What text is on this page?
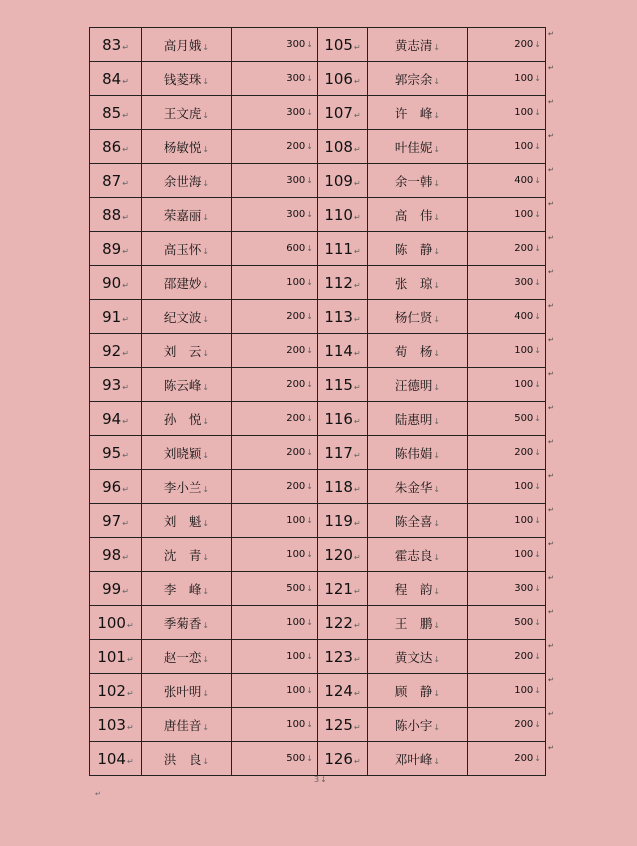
83↵	高月娥↓	300↓	105↵	黄志清↓	200↓
84↵	钱菱珠↓	300↓	106↵	郭宗余↓	100↓
85↵	王文虎↓	300↓	107↵	许　峰↓	100↓
86↵	杨敏悦↓	200↓	108↵	叶佳妮↓	100↓
87↵	余世海↓	300↓	109↵	余一韩↓	400↓
88↵	荣嘉丽↓	300↓	110↵	高　伟↓	100↓
89↵	高玉怀↓	600↓	111↵	陈　静↓	200↓
90↵	邵建妙↓	100↓	112↵	张　琼↓	300↓
91↵	纪文波↓	200↓	113↵	杨仁贤↓	400↓
92↵	刘　云↓	200↓	114↵	荀　杨↓	100↓
93↵	陈云峰↓	200↓	115↵	汪德明↓	100↓
94↵	孙　悦↓	200↓	116↵	陆惠明↓	500↓
95↵	刘晓颖↓	200↓	117↵	陈伟娟↓	200↓
96↵	李小兰↓	200↓	118↵	朱金华↓	100↓
97↵	刘　魁↓	100↓	119↵	陈全喜↓	100↓
98↵	沈　青↓	100↓	120↵	霍志良↓	100↓
99↵	李　峰↓	500↓	121↵	程　韵↓	300↓
100↵	季菊香↓	100↓	122↵	王　鹏↓	500↓
101↵	赵一恋↓	100↓	123↵	黄文达↓	200↓
102↵	张叶明↓	100↓	124↵	顾　静↓	100↓
103↵	唐佳音↓	100↓	125↵	陈小宇↓	200↓
104↵	洪　良↓	500↓	126↵	邓叶峰↓	200↓
↵
↵
↵
↵
↵
↵
↵
↵
↵
↵
↵
↵
↵
↵
↵
↵
↵
↵
↵
↵
↵
↵
3↓
↵
